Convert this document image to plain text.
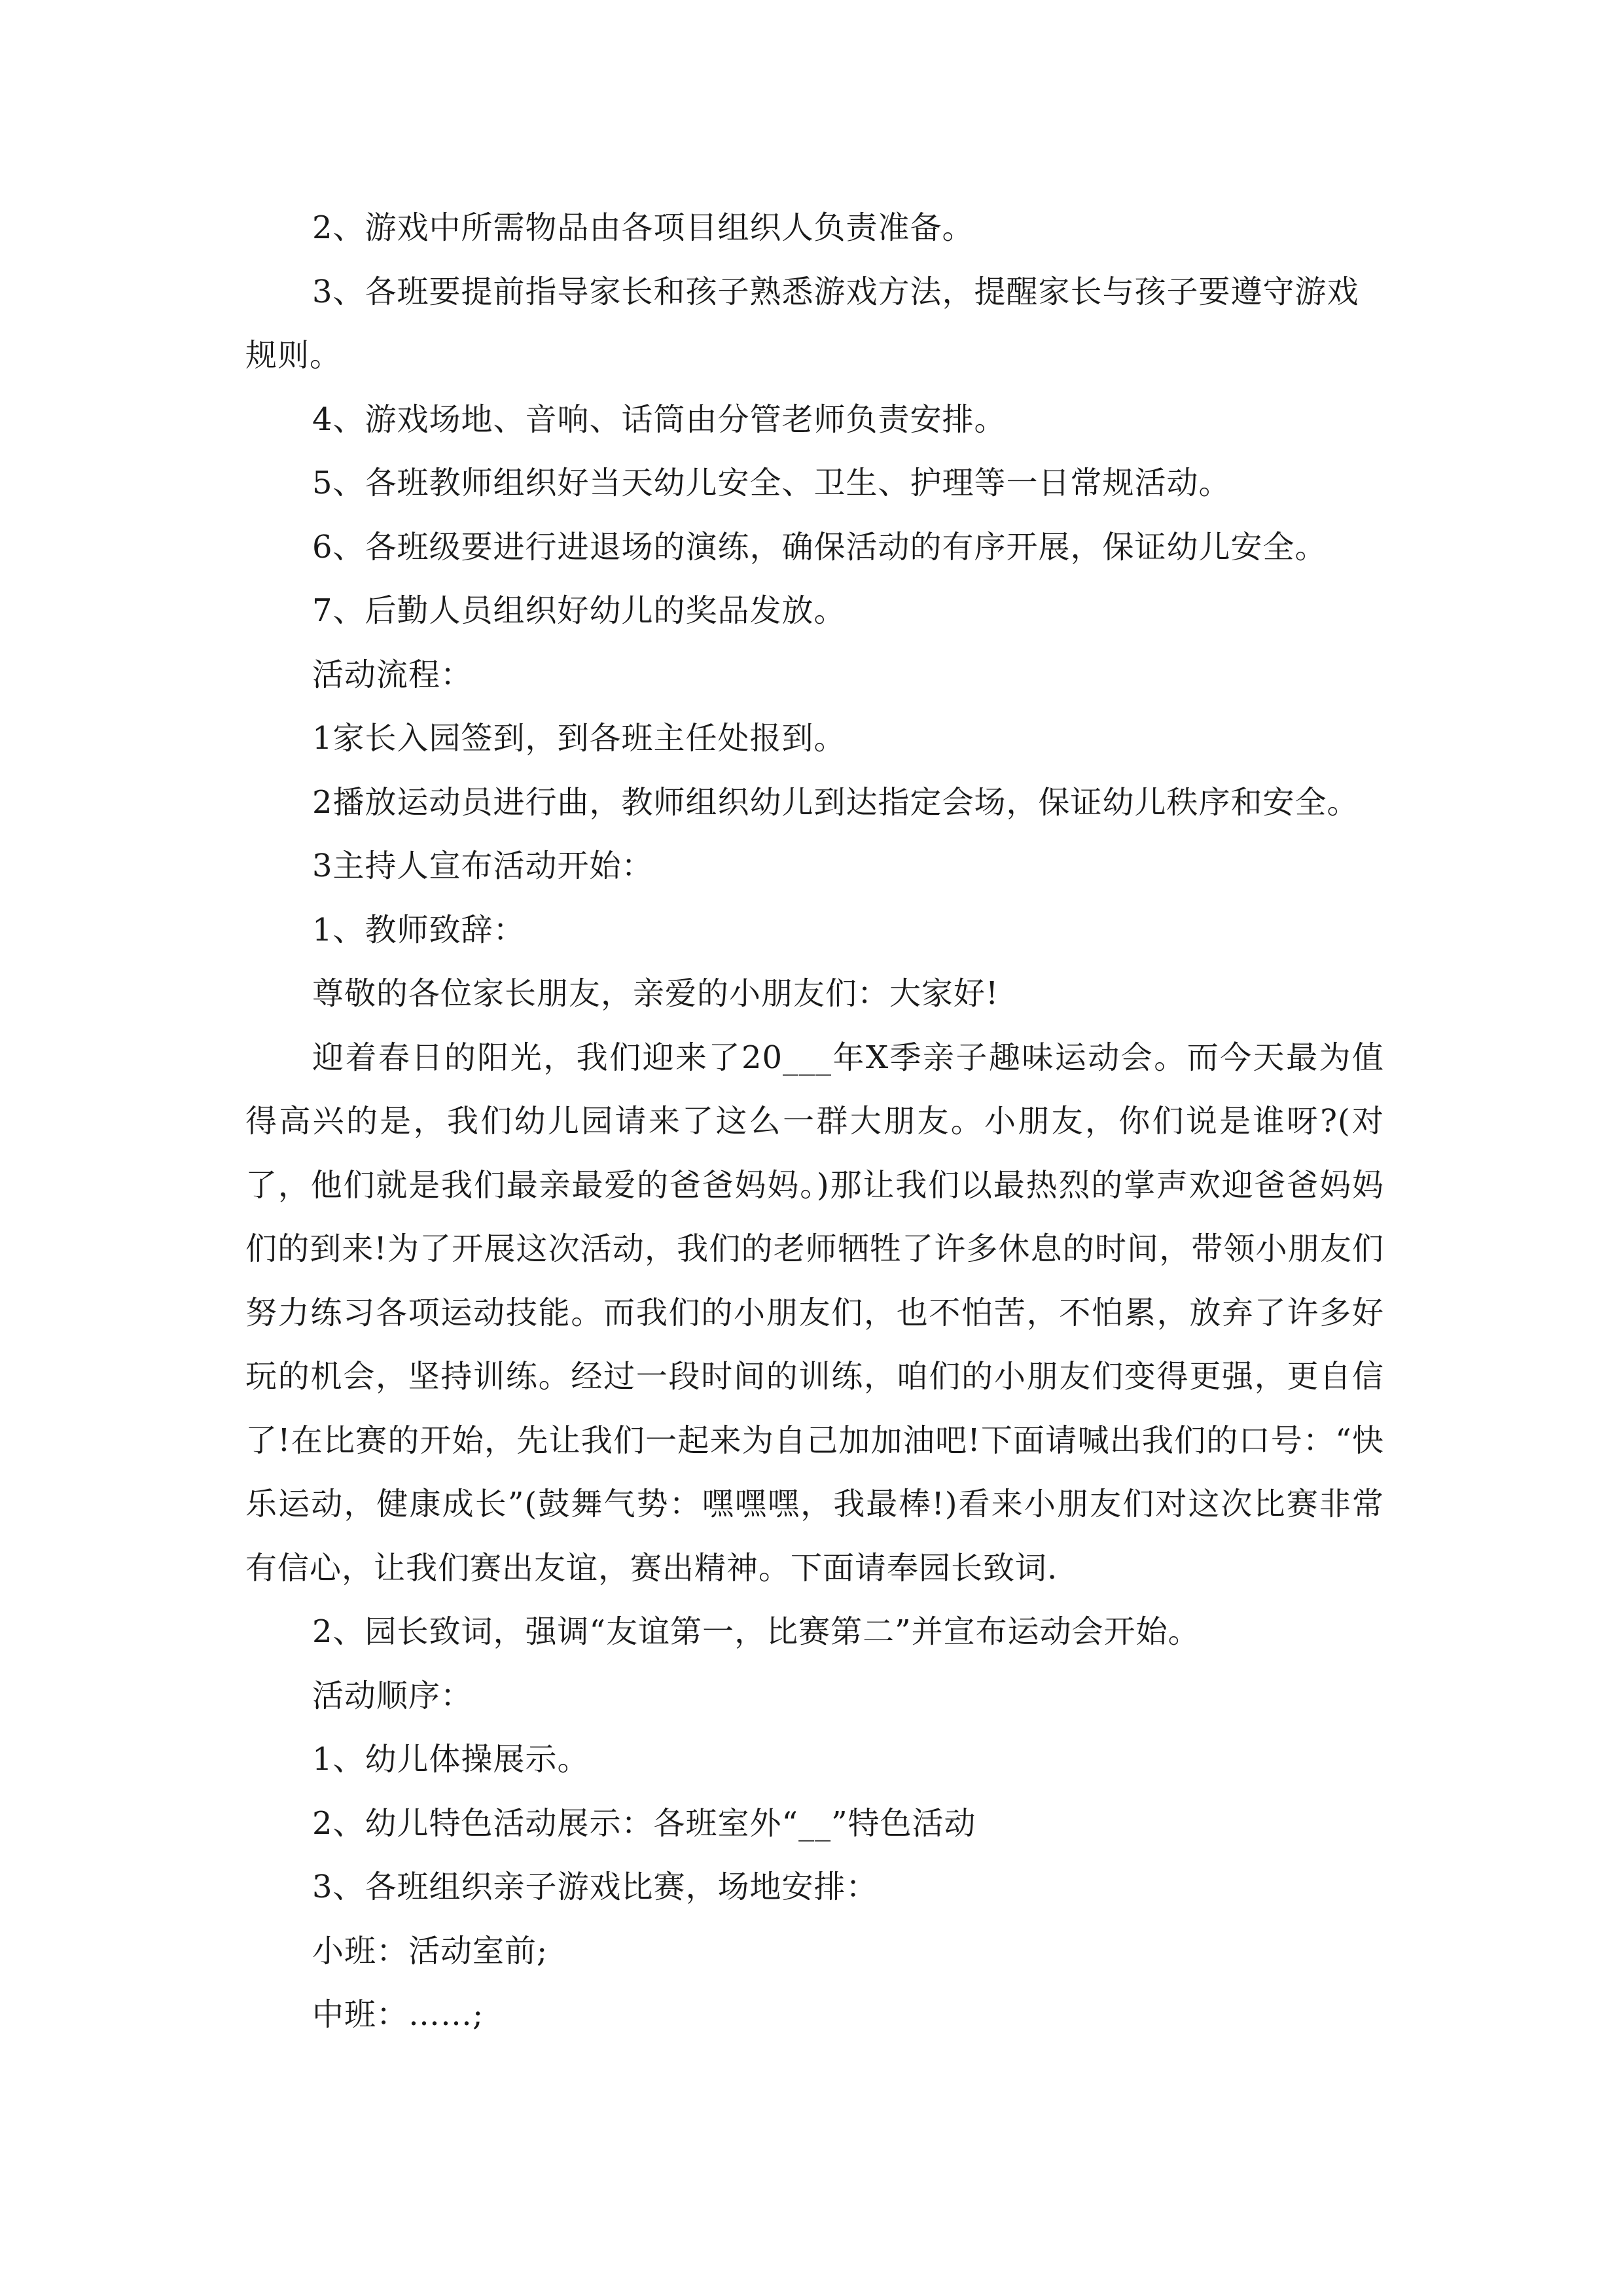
2、游戏中所需物品由各项目组织人负责准备。

3、各班要提前指导家长和孩子熟悉游戏方法，提醒家长与孩子要遵守游戏规则。

4、游戏场地、音响、话筒由分管老师负责安排。

5、各班教师组织好当天幼儿安全、卫生、护理等一日常规活动。

6、各班级要进行进退场的演练，确保活动的有序开展，保证幼儿安全。

7、后勤人员组织好幼儿的奖品发放。

活动流程：

1家长入园签到，到各班主任处报到。

2播放运动员进行曲，教师组织幼儿到达指定会场，保证幼儿秩序和安全。

3主持人宣布活动开始：

1、教师致辞：

尊敬的各位家长朋友，亲爱的小朋友们：大家好!

迎着春日的阳光，我们迎来了20___年X季亲子趣味运动会。而今天最为值得高兴的是，我们幼儿园请来了这么一群大朋友。小朋友，你们说是谁呀?(对了，他们就是我们最亲最爱的爸爸妈妈。)那让我们以最热烈的掌声欢迎爸爸妈妈们的到来!为了开展这次活动，我们的老师牺牲了许多休息的时间，带领小朋友们努力练习各项运动技能。而我们的小朋友们，也不怕苦，不怕累，放弃了许多好玩的机会，坚持训练。经过一段时间的训练，咱们的小朋友们变得更强，更自信了!在比赛的开始，先让我们一起来为自己加加油吧!下面请喊出我们的口号：“快乐运动，健康成长”(鼓舞气势：嘿嘿嘿，我最棒!)看来小朋友们对这次比赛非常有信心，让我们赛出友谊，赛出精神。下面请奉园长致词.

2、园长致词，强调“友谊第一，比赛第二”并宣布运动会开始。

活动顺序：

1、幼儿体操展示。

2、幼儿特色活动展示：各班室外“__”特色活动

3、各班组织亲子游戏比赛，场地安排：

小班：活动室前;

中班：……;
